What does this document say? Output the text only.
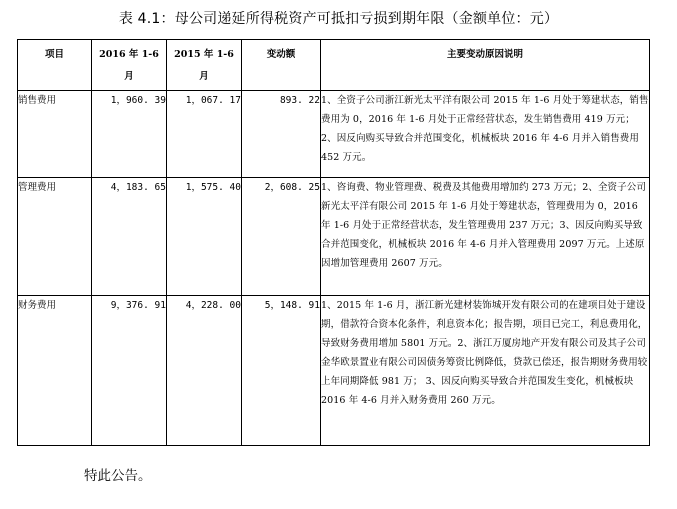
表 4.1：母公司递延所得税资产可抵扣亏损到期年限（金额单位：元）
项目	2016 年 1-6 月	2015 年 1-6 月	变动额	主要变动原因说明
销售费用	1，960. 39	1，067. 17	893. 22	1、全资子公司浙江新光太平洋有限公司 2015 年 1-6 月处于筹建状态，销售费用为 0，2016 年 1-6 月处于正常经营状态，发生销售费用 419 万元；2、因反向购买导致合并范围变化，机械板块 2016 年 4-6 月并入销售费用 452 万元。
管理费用	4，183. 65	1，575. 40	2，608. 25	1、咨询费、物业管理费、税费及其他费用增加约 273 万元；2、全资子公司新光太平洋有限公司 2015 年 1-6 月处于筹建状态，管理费用为 0，2016 年 1-6 月处于正常经营状态，发生管理费用 237 万元；3、因反向购买导致合并范围变化，机械板块 2016 年 4-6 月并入管理费用 2097 万元。上述原因增加管理费用 2607 万元。
财务费用	9，376. 91	4，228. 00	5，148. 91	1、2015 年 1-6 月，浙江新光建材装饰城开发有限公司的在建项目处于建设期，借款符合资本化条件，利息资本化；报告期，项目已完工，利息费用化，导致财务费用增加 5801 万元。2、浙江万厦房地产开发有限公司及其子公司金华欧景置业有限公司因债务筹资比例降低，贷款已偿还，报告期财务费用较上年同期降低 981 万； 3、因反向购买导致合并范围发生变化，机械板块 2016 年 4-6 月并入财务费用 260 万元。
特此公告。
